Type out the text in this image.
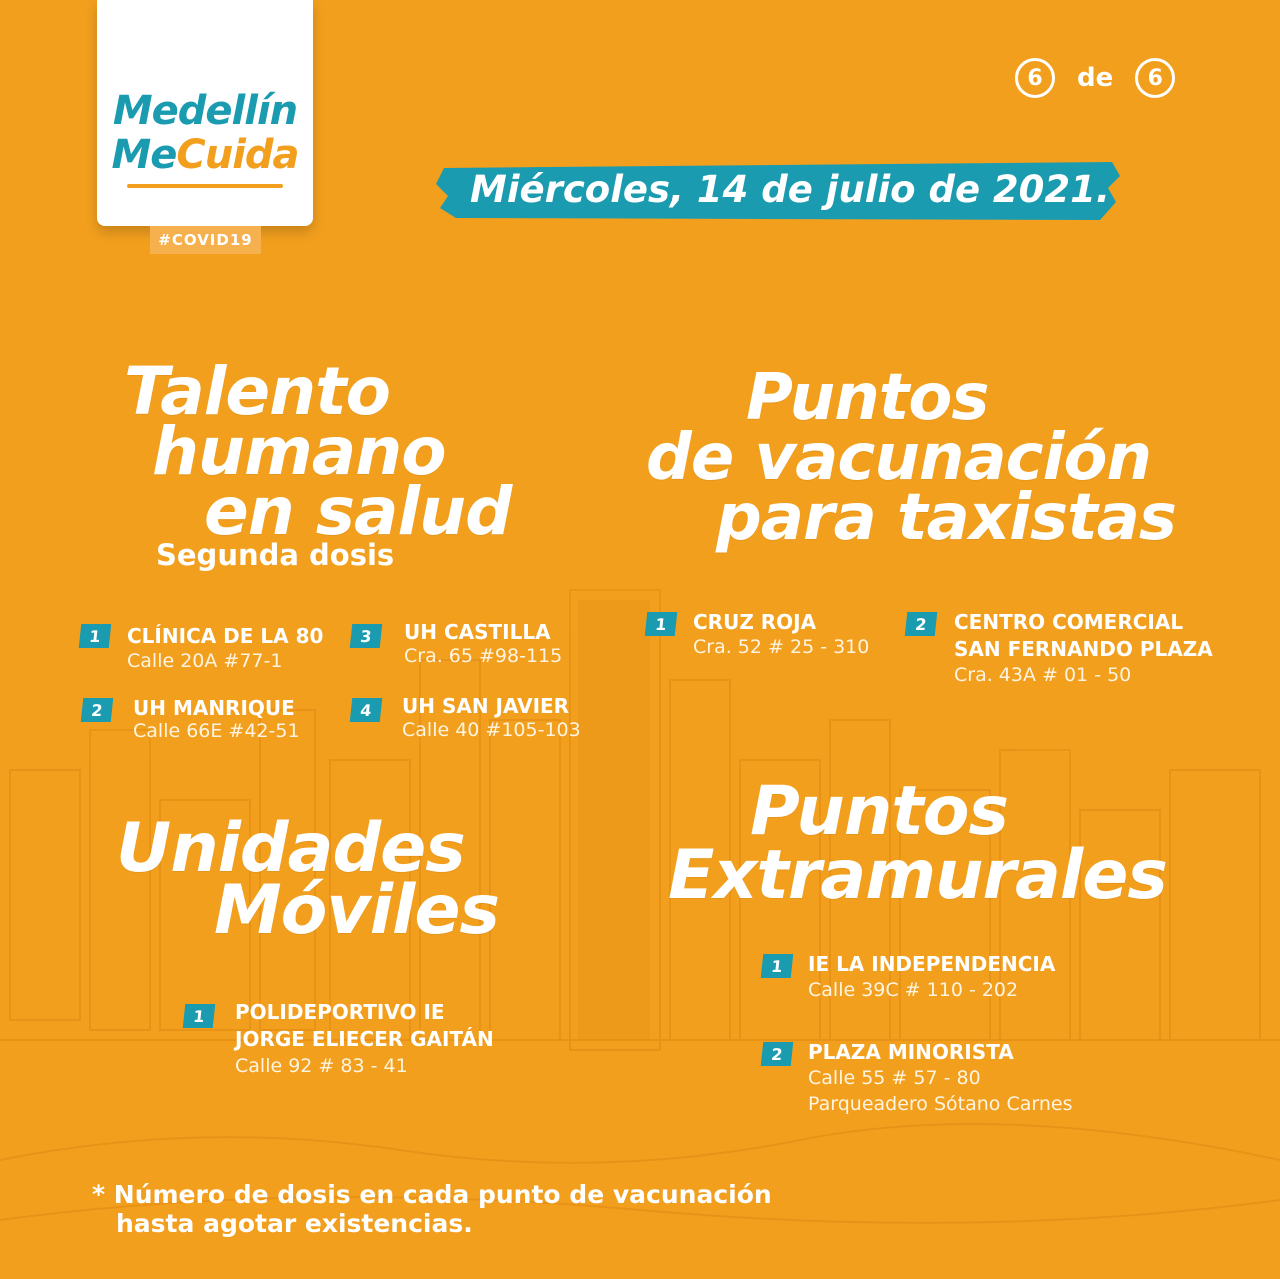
Medellín
MeCuida
#COVID19
6	de	6
Miércoles, 14 de julio de 2021.
Talento
humano
en salud
Segunda dosis
1	CLÍNICA DE LA 80
Calle 20A #77-1
2	UH MANRIQUE
Calle 66E #42-51
3	UH CASTILLA
Cra. 65 #98-115
4	UH SAN JAVIER
Calle 40 #105-103
Puntos
de vacunación
para taxistas
1	CRUZ ROJA
Cra. 52 # 25 - 310
2	CENTRO COMERCIAL
SAN FERNANDO PLAZA
Cra. 43A # 01 - 50
Unidades
Móviles
1	POLIDEPORTIVO IE
JORGE ELIECER GAITÁN
Calle 92 # 83 - 41
Puntos
Extramurales
1	IE LA INDEPENDENCIA
Calle 39C # 110 - 202
2	PLAZA MINORISTA
Calle 55 # 57 - 80
Parqueadero Sótano Carnes
* Número de dosis en cada punto de vacunación
hasta agotar existencias.
